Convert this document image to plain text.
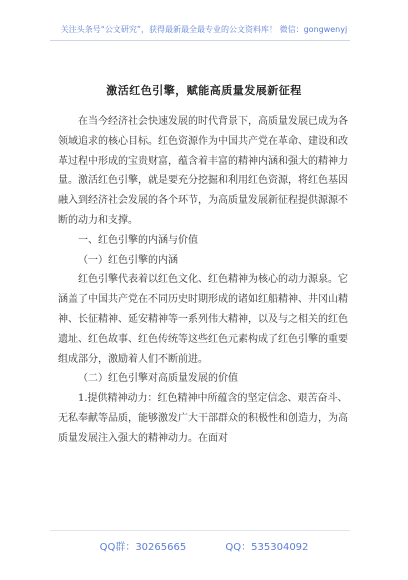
关注头条号“公文研究”，获得最新最全最专业的公文资料库！ 微信：gongwenyj
激活红色引擎，赋能高质量发展新征程

在当今经济社会快速发展的时代背景下，高质量发展已成为各领域追求的核心目标。红色资源作为中国共产党在革命、建设和改革过程中形成的宝贵财富，蕴含着丰富的精神内涵和强大的精神力量。激活红色引擎，就是要充分挖掘和利用红色资源，将红色基因融入到经济社会发展的各个环节，为高质量发展新征程提供源源不断的动力和支撑。

一、红色引擎的内涵与价值

（一）红色引擎的内涵

红色引擎代表着以红色文化、红色精神为核心的动力源泉。它涵盖了中国共产党在不同历史时期形成的诸如红船精神、井冈山精神、长征精神、延安精神等一系列伟大精神，以及与之相关的红色遗址、红色故事、红色传统等这些红色元素构成了红色引擎的重要组成部分，激励着人们不断前进。

（二）红色引擎对高质量发展的价值

1.提供精神动力：红色精神中所蕴含的坚定信念、艰苦奋斗、无私奉献等品质，能够激发广大干部群众的积极性和创造力，为高质量发展注入强大的精神动力。在面对

QQ群：30265665	QQ：535304092
